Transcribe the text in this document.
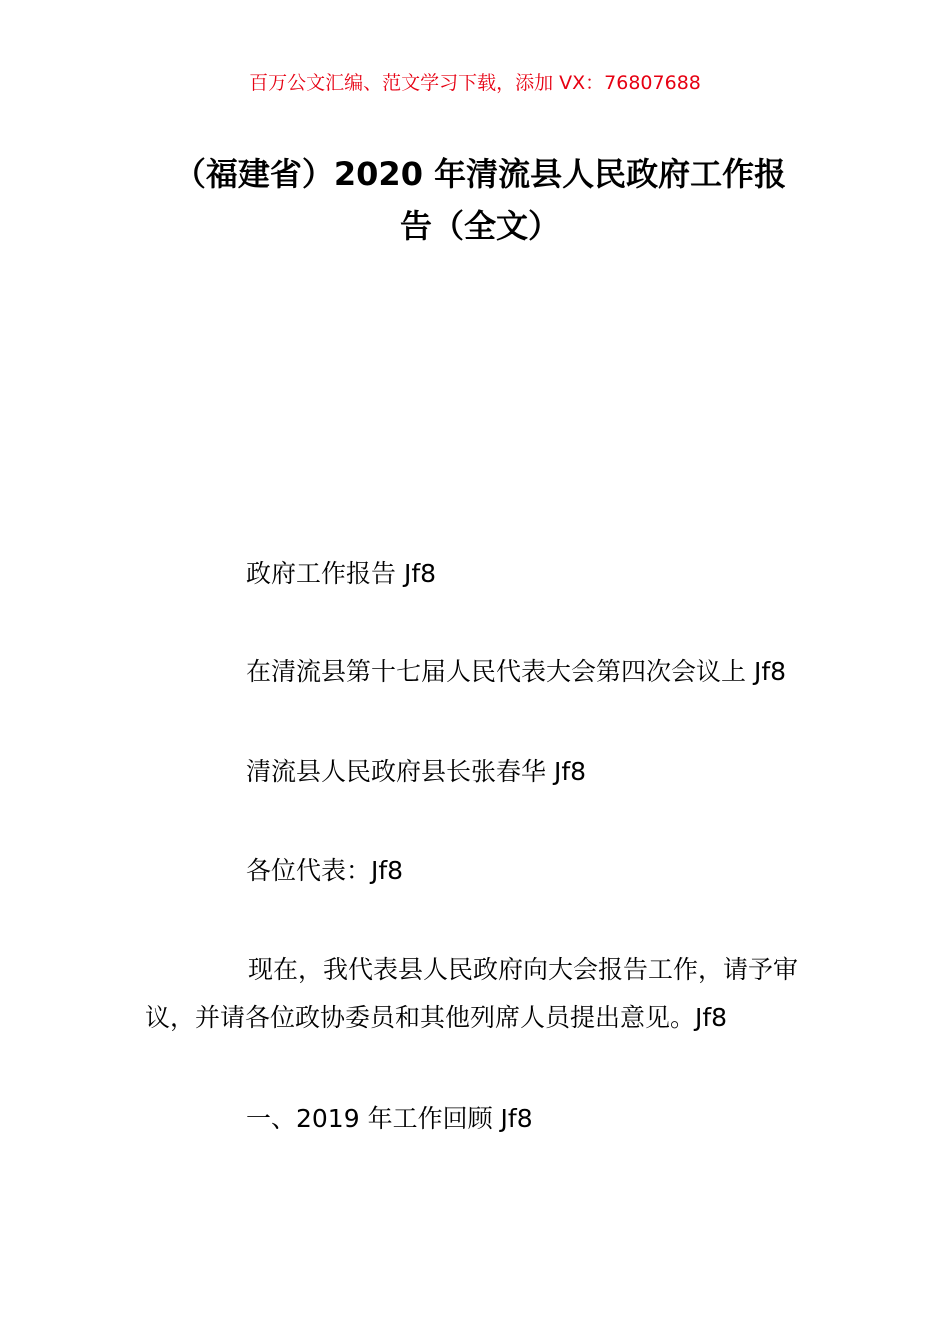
百万公文汇编、范文学习下载，添加 VX：76807688
（福建省）2020 年清流县人民政府工作报
告（全文）
政府工作报告 Jf8
在清流县第十七届人民代表大会第四次会议上 Jf8
清流县人民政府县长张春华 Jf8
各位代表：Jf8
现在，我代表县人民政府向大会报告工作，请予审议，并请各位政协委员和其他列席人员提出意见。Jf8
一、2019 年工作回顾 Jf8
